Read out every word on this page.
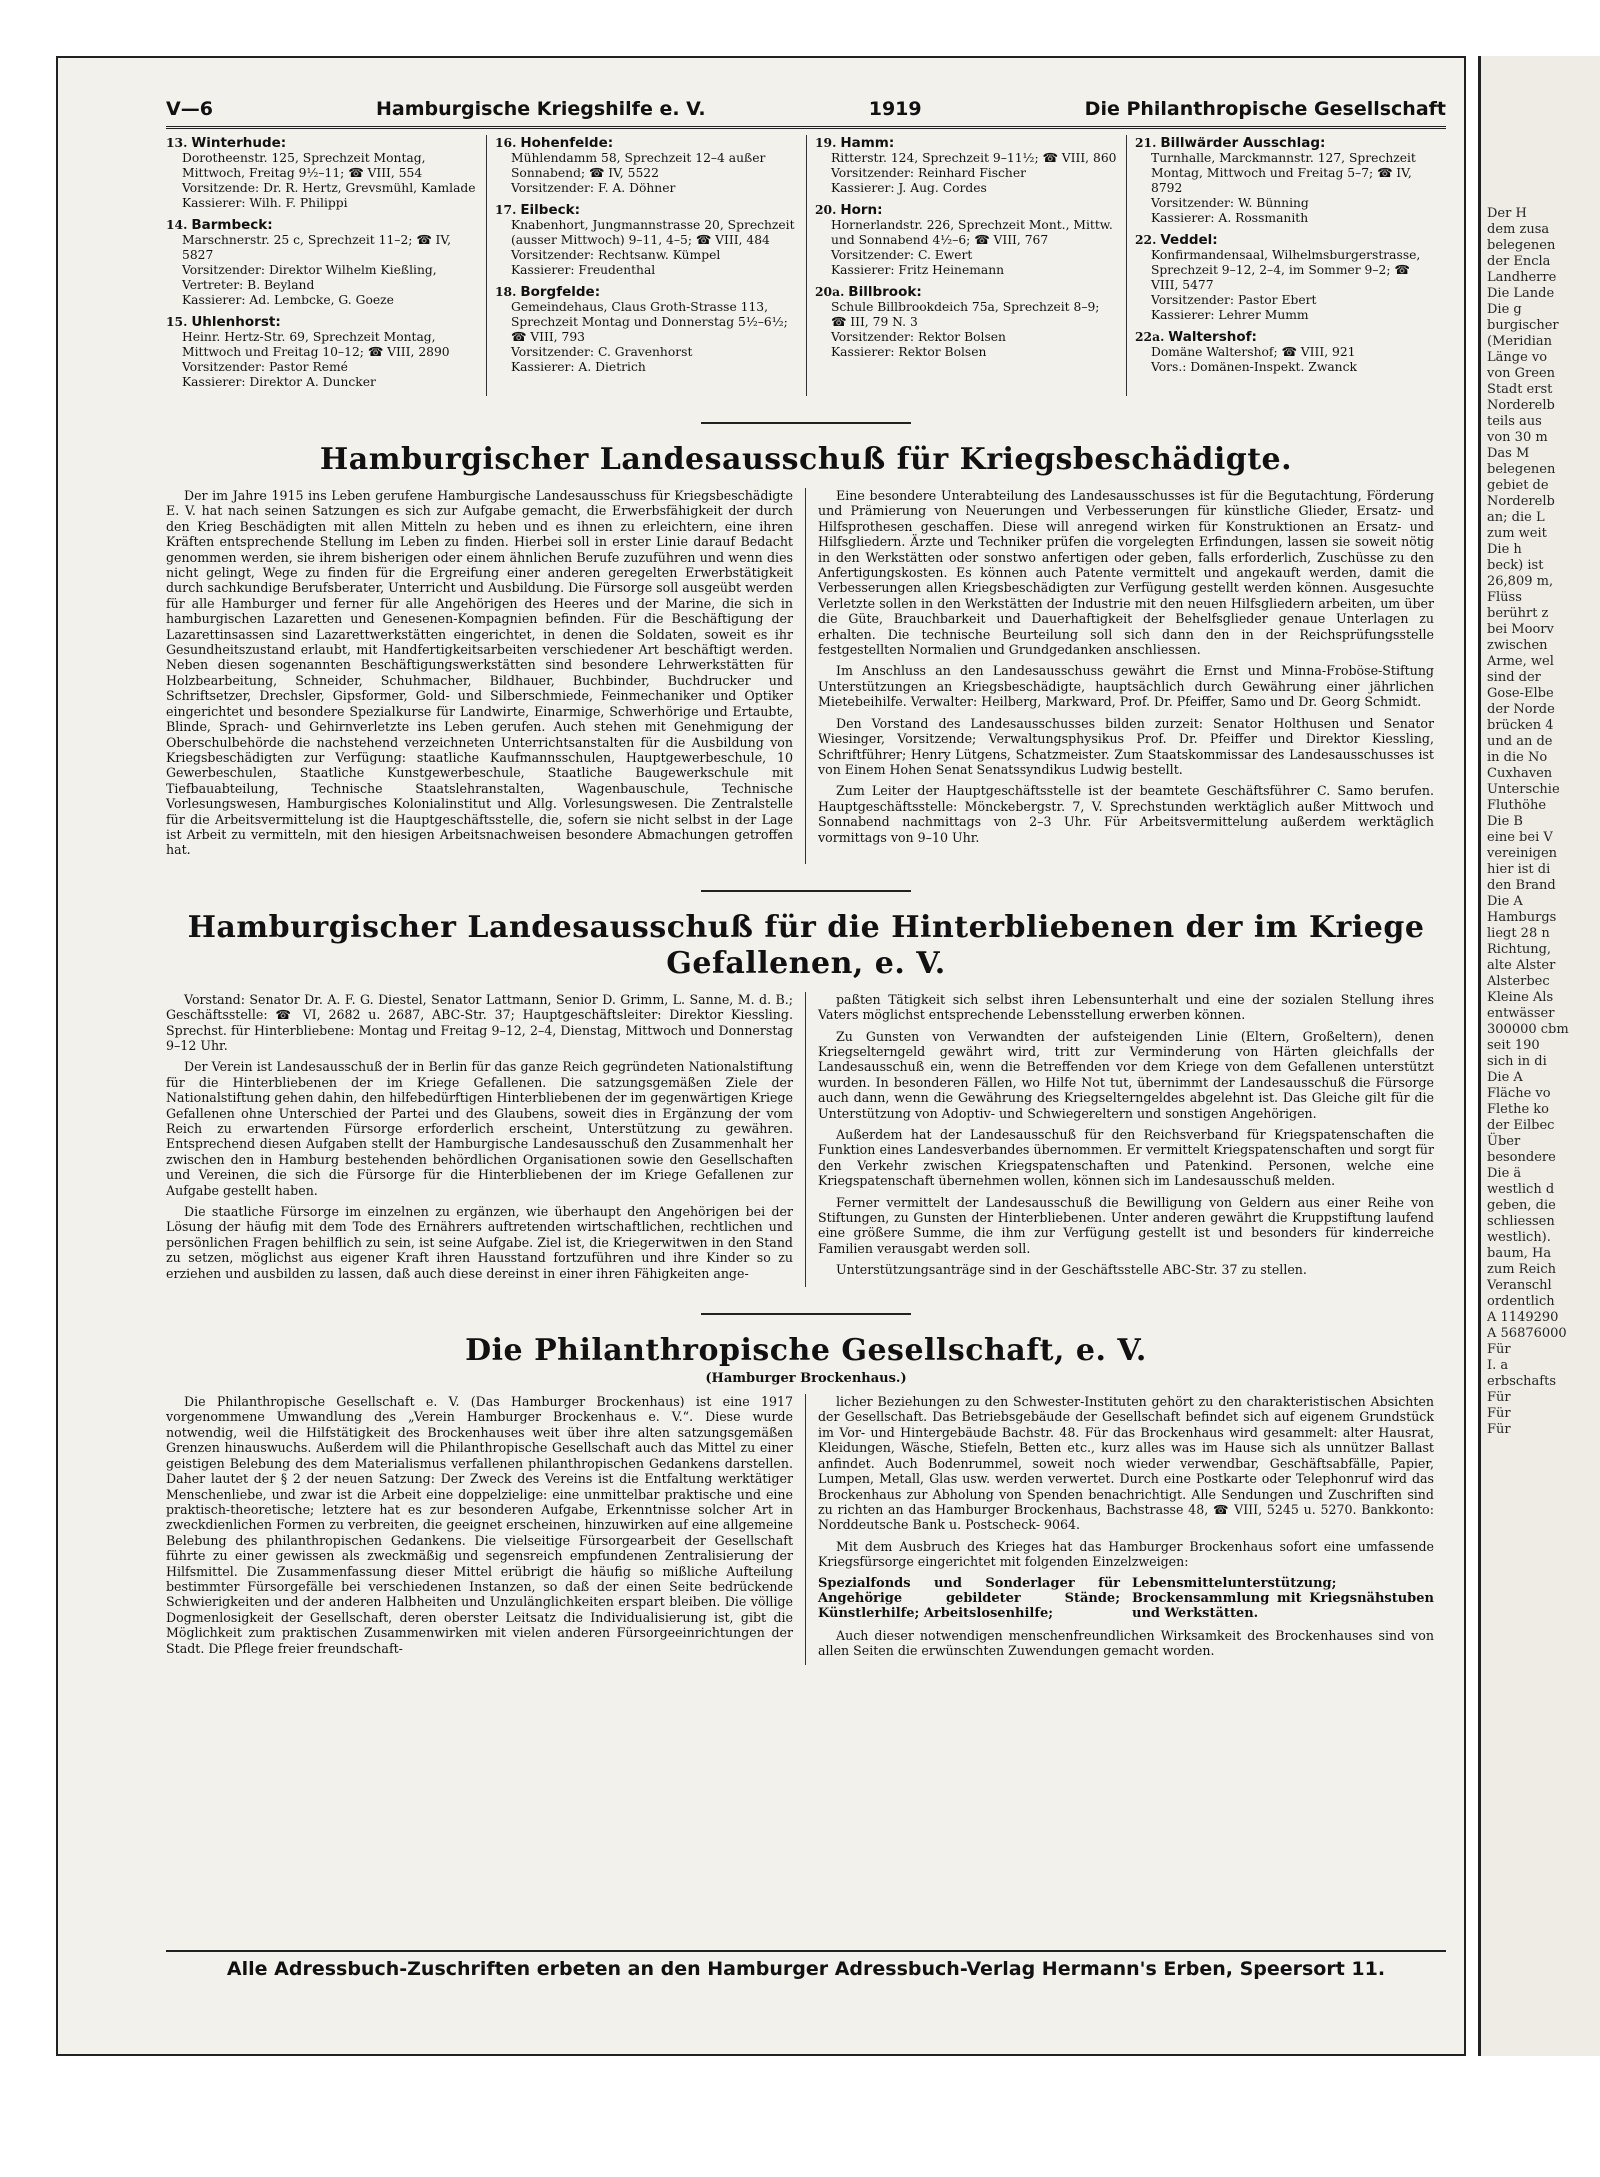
V—6	Hamburgische Kriegshilfe e. V.	1919	Die Philanthropische Gesellschaft
13. Winterhude:
Dorotheenstr. 125, Sprechzeit Montag, Mittwoch, Freitag 9½–11; ☎ VIII, 554
Vorsitzende: Dr. R. Hertz, Grevsmühl, Kamlade
Kassierer: Wilh. F. Philippi
14. Barmbeck:
Marschnerstr. 25 c, Sprechzeit 11–2; ☎ IV, 5827
Vorsitzender: Direktor Wilhelm Kießling, Vertreter: B. Beyland
Kassierer: Ad. Lembcke, G. Goeze
15. Uhlenhorst:
Heinr. Hertz-Str. 69, Sprechzeit Montag, Mittwoch und Freitag 10–12; ☎ VIII, 2890
Vorsitzender: Pastor Remé
Kassierer: Direktor A. Duncker
16. Hohenfelde:
Mühlendamm 58, Sprechzeit 12–4 außer Sonnabend; ☎ IV, 5522
Vorsitzender: F. A. Döhner
17. Eilbeck:
Knabenhort, Jungmannstrasse 20, Sprechzeit (ausser Mittwoch) 9–11, 4–5; ☎ VIII, 484
Vorsitzender: Rechtsanw. Kümpel
Kassierer: Freudenthal
18. Borgfelde:
Gemeindehaus, Claus Groth-Strasse 113, Sprechzeit Montag und Donnerstag 5½–6½; ☎ VIII, 793
Vorsitzender: C. Gravenhorst
Kassierer: A. Dietrich
19. Hamm:
Ritterstr. 124, Sprechzeit 9–11½; ☎ VIII, 860
Vorsitzender: Reinhard Fischer
Kassierer: J. Aug. Cordes
20. Horn:
Hornerlandstr. 226, Sprechzeit Mont., Mittw. und Sonnabend 4½–6; ☎ VIII, 767
Vorsitzender: C. Ewert
Kassierer: Fritz Heinemann
20a. Billbrook:
Schule Billbrookdeich 75a, Sprechzeit 8–9; ☎ III, 79 N. 3
Vorsitzender: Rektor Bolsen
Kassierer: Rektor Bolsen
21. Billwärder Ausschlag:
Turnhalle, Marckmannstr. 127, Sprechzeit Montag, Mittwoch und Freitag 5–7; ☎ IV, 8792
Vorsitzender: W. Bünning
Kassierer: A. Rossmanith
22. Veddel:
Konfirmandensaal, Wilhelmsburgerstrasse, Sprechzeit 9–12, 2–4, im Sommer 9–2; ☎ VIII, 5477
Vorsitzender: Pastor Ebert
Kassierer: Lehrer Mumm
22a. Waltershof:
Domäne Waltershof; ☎ VIII, 921
Vors.: Domänen-Inspekt. Zwanck
Hamburgischer Landesausschuß für Kriegsbeschädigte.

Der im Jahre 1915 ins Leben gerufene Hamburgische Landesausschuss für Kriegsbeschädigte E. V. hat nach seinen Satzungen es sich zur Aufgabe gemacht, die Erwerbsfähigkeit der durch den Krieg Beschädigten mit allen Mitteln zu heben und es ihnen zu erleichtern, eine ihren Kräften entsprechende Stellung im Leben zu finden. Hierbei soll in erster Linie darauf Bedacht genommen werden, sie ihrem bisherigen oder einem ähnlichen Berufe zuzuführen und wenn dies nicht gelingt, Wege zu finden für die Ergreifung einer anderen geregelten Erwerbstätigkeit durch sachkundige Berufsberater, Unterricht und Ausbildung. Die Fürsorge soll ausgeübt werden für alle Hamburger und ferner für alle Angehörigen des Heeres und der Marine, die sich in hamburgischen Lazaretten und Genesenen-Kompagnien befinden. Für die Beschäftigung der Lazarettinsassen sind Lazarettwerkstätten eingerichtet, in denen die Soldaten, soweit es ihr Gesundheitszustand erlaubt, mit Handfertigkeitsarbeiten verschiedener Art beschäftigt werden. Neben diesen sogenannten Beschäftigungswerkstätten sind besondere Lehrwerkstätten für Holzbearbeitung, Schneider, Schuhmacher, Bildhauer, Buchbinder, Buchdrucker und Schriftsetzer, Drechsler, Gipsformer, Gold- und Silberschmiede, Feinmechaniker und Optiker eingerichtet und besondere Spezialkurse für Landwirte, Einarmige, Schwerhörige und Ertaubte, Blinde, Sprach- und Gehirnverletzte ins Leben gerufen. Auch stehen mit Genehmigung der Oberschulbehörde die nachstehend verzeichneten Unterrichtsanstalten für die Ausbildung von Kriegsbeschädigten zur Verfügung: staatliche Kaufmannsschulen, Hauptgewerbeschule, 10 Gewerbeschulen, Staatliche Kunstgewerbeschule, Staatliche Baugewerkschule mit Tiefbauabteilung, Technische Staatslehranstalten, Wagenbauschule, Technische Vorlesungswesen, Hamburgisches Kolonialinstitut und Allg. Vorlesungswesen. Die Zentralstelle für die Arbeitsvermittelung ist die Hauptgeschäftsstelle, die, sofern sie nicht selbst in der Lage ist Arbeit zu vermitteln, mit den hiesigen Arbeitsnachweisen besondere Abmachungen getroffen hat.

Eine besondere Unterabteilung des Landesausschusses ist für die Begutachtung, Förderung und Prämierung von Neuerungen und Verbesserungen für künstliche Glieder, Ersatz- und Hilfsprothesen geschaffen. Diese will anregend wirken für Konstruktionen an Ersatz- und Hilfsgliedern. Ärzte und Techniker prüfen die vorgelegten Erfindungen, lassen sie soweit nötig in den Werkstätten oder sonstwo anfertigen oder geben, falls erforderlich, Zuschüsse zu den Anfertigungskosten. Es können auch Patente vermittelt und angekauft werden, damit die Verbesserungen allen Kriegsbeschädigten zur Verfügung gestellt werden können. Ausgesuchte Verletzte sollen in den Werkstätten der Industrie mit den neuen Hilfsgliedern arbeiten, um über die Güte, Brauchbarkeit und Dauerhaftigkeit der Behelfsglieder genaue Unterlagen zu erhalten. Die technische Beurteilung soll sich dann den in der Reichsprüfungsstelle festgestellten Normalien und Grundgedanken anschliessen.

Im Anschluss an den Landesausschuss gewährt die Ernst und Minna-Froböse-Stiftung Unterstützungen an Kriegsbeschädigte, hauptsächlich durch Gewährung einer jährlichen Mietebeihilfe. Verwalter: Heilberg, Markward, Prof. Dr. Pfeiffer, Samo und Dr. Georg Schmidt.

Den Vorstand des Landesausschusses bilden zurzeit: Senator Holthusen und Senator Wiesinger, Vorsitzende; Verwaltungsphysikus Prof. Dr. Pfeiffer und Direktor Kiessling, Schriftführer; Henry Lütgens, Schatzmeister. Zum Staatskommissar des Landesausschusses ist von Einem Hohen Senat Senatssyndikus Ludwig bestellt.

Zum Leiter der Hauptgeschäftsstelle ist der beamtete Geschäftsführer C. Samo berufen. Hauptgeschäftsstelle: Mönckebergstr. 7, V. Sprechstunden werktäglich außer Mittwoch und Sonnabend nachmittags von 2–3 Uhr. Für Arbeitsvermittelung außerdem werktäglich vormittags von 9–10 Uhr.

Hamburgischer Landesausschuß für die Hinterbliebenen der im Kriege Gefallenen, e. V.

Vorstand: Senator Dr. A. F. G. Diestel, Senator Lattmann, Senior D. Grimm, L. Sanne, M. d. B.; Geschäftsstelle: ☎ VI, 2682 u. 2687, ABC-Str. 37; Hauptgeschäftsleiter: Direktor Kiessling. Sprechst. für Hinterbliebene: Montag und Freitag 9–12, 2–4, Dienstag, Mittwoch und Donnerstag 9–12 Uhr.

Der Verein ist Landesausschuß der in Berlin für das ganze Reich gegründeten Nationalstiftung für die Hinterbliebenen der im Kriege Gefallenen. Die satzungsgemäßen Ziele der Nationalstiftung gehen dahin, den hilfebedürftigen Hinterbliebenen der im gegenwärtigen Kriege Gefallenen ohne Unterschied der Partei und des Glaubens, soweit dies in Ergänzung der vom Reich zu erwartenden Fürsorge erforderlich erscheint, Unterstützung zu gewähren. Entsprechend diesen Aufgaben stellt der Hamburgische Landesausschuß den Zusammenhalt her zwischen den in Hamburg bestehenden behördlichen Organisationen sowie den Gesellschaften und Vereinen, die sich die Fürsorge für die Hinterbliebenen der im Kriege Gefallenen zur Aufgabe gestellt haben.

Die staatliche Fürsorge im einzelnen zu ergänzen, wie überhaupt den Angehörigen bei der Lösung der häufig mit dem Tode des Ernährers auftretenden wirtschaftlichen, rechtlichen und persönlichen Fragen behilflich zu sein, ist seine Aufgabe. Ziel ist, die Kriegerwitwen in den Stand zu setzen, möglichst aus eigener Kraft ihren Hausstand fortzuführen und ihre Kinder so zu erziehen und ausbilden zu lassen, daß auch diese dereinst in einer ihren Fähigkeiten ange-

paßten Tätigkeit sich selbst ihren Lebensunterhalt und eine der sozialen Stellung ihres Vaters möglichst entsprechende Lebensstellung erwerben können.

Zu Gunsten von Verwandten der aufsteigenden Linie (Eltern, Großeltern), denen Kriegselterngeld gewährt wird, tritt zur Verminderung von Härten gleichfalls der Landesausschuß ein, wenn die Betreffenden vor dem Kriege von dem Gefallenen unterstützt wurden. In besonderen Fällen, wo Hilfe Not tut, übernimmt der Landesausschuß die Fürsorge auch dann, wenn die Gewährung des Kriegselterngeldes abgelehnt ist. Das Gleiche gilt für die Unterstützung von Adoptiv- und Schwiegereltern und sonstigen Angehörigen.

Außerdem hat der Landesausschuß für den Reichsverband für Kriegspatenschaften die Funktion eines Landesverbandes übernommen. Er vermittelt Kriegspatenschaften und sorgt für den Verkehr zwischen Kriegspatenschaften und Patenkind. Personen, welche eine Kriegspatenschaft übernehmen wollen, können sich im Landesausschuß melden.

Ferner vermittelt der Landesausschuß die Bewilligung von Geldern aus einer Reihe von Stiftungen, zu Gunsten der Hinterbliebenen. Unter anderen gewährt die Kruppstiftung laufend eine größere Summe, die ihm zur Verfügung gestellt ist und besonders für kinderreiche Familien verausgabt werden soll.

Unterstützungsanträge sind in der Geschäftsstelle ABC-Str. 37 zu stellen.

Die Philanthropische Gesellschaft, e. V.
(Hamburger Brockenhaus.)

Die Philanthropische Gesellschaft e. V. (Das Hamburger Brockenhaus) ist eine 1917 vorgenommene Umwandlung des „Verein Hamburger Brockenhaus e. V.“. Diese wurde notwendig, weil die Hilfstätigkeit des Brockenhauses weit über ihre alten satzungsgemäßen Grenzen hinauswuchs. Außerdem will die Philanthropische Gesellschaft auch das Mittel zu einer geistigen Belebung des dem Materialismus verfallenen philanthropischen Gedankens darstellen. Daher lautet der § 2 der neuen Satzung: Der Zweck des Vereins ist die Entfaltung werktätiger Menschenliebe, und zwar ist die Arbeit eine doppelzielige: eine unmittelbar praktische und eine praktisch-theoretische; letztere hat es zur besonderen Aufgabe, Erkenntnisse solcher Art in zweckdienlichen Formen zu verbreiten, die geeignet erscheinen, hinzuwirken auf eine allgemeine Belebung des philanthropischen Gedankens. Die vielseitige Fürsorgearbeit der Gesellschaft führte zu einer gewissen als zweckmäßig und segensreich empfundenen Zentralisierung der Hilfsmittel. Die Zusammenfassung dieser Mittel erübrigt die häufig so mißliche Aufteilung bestimmter Fürsorgefälle bei verschiedenen Instanzen, so daß der einen Seite bedrückende Schwierigkeiten und der anderen Halbheiten und Unzulänglichkeiten erspart bleiben. Die völlige Dogmenlosigkeit der Gesellschaft, deren oberster Leitsatz die Individualisierung ist, gibt die Möglichkeit zum praktischen Zusammenwirken mit vielen anderen Fürsorgeeinrichtungen der Stadt. Die Pflege freier freundschaft-

licher Beziehungen zu den Schwester-Instituten gehört zu den charakteristischen Absichten der Gesellschaft. Das Betriebsgebäude der Gesellschaft befindet sich auf eigenem Grundstück im Vor- und Hintergebäude Bachstr. 48. Für das Brockenhaus wird gesammelt: alter Hausrat, Kleidungen, Wäsche, Stiefeln, Betten etc., kurz alles was im Hause sich als unnützer Ballast anfindet. Auch Bodenrummel, soweit noch wieder verwendbar, Geschäftsabfälle, Papier, Lumpen, Metall, Glas usw. werden verwertet. Durch eine Postkarte oder Telephonruf wird das Brockenhaus zur Abholung von Spenden benachrichtigt. Alle Sendungen und Zuschriften sind zu richten an das Hamburger Brockenhaus, Bachstrasse 48, ☎ VIII, 5245 u. 5270. Bankkonto: Norddeutsche Bank u. Postscheck- 9064.

Mit dem Ausbruch des Krieges hat das Hamburger Brockenhaus sofort eine umfassende Kriegsfürsorge eingerichtet mit folgenden Einzelzweigen:

Spezialfonds und Sonderlager für Angehörige gebildeter Stände; Künstlerhilfe; Arbeitslosenhilfe;
Lebensmittelunterstützung; Brockensammlung mit Kriegsnähstuben und Werkstätten.

Auch dieser notwendigen menschenfreundlichen Wirksamkeit des Brockenhauses sind von allen Seiten die erwünschten Zuwendungen gemacht worden.

Alle Adressbuch-Zuschriften erbeten an den Hamburger Adressbuch-Verlag Hermann's Erben, Speersort 11.
Der H
dem zusa
belegenen
der Encla
Landherre
Die Lande
Die g
burgischer
(Meridian
Länge vo
von Green
Stadt erst
Norderelb
teils aus
von 30 m
Das M
belegenen
gebiet de
Norderelb
an; die L
zum weit
Die h
beck) ist
26,809 m,
Flüss
berührt z
bei Moorv
zwischen
Arme, wel
sind der
Gose-Elbe
der Norde
brücken 4
und an de
in die No
Cuxhaven
Unterschie
Fluthöhe
Die B
eine bei V
vereinigen
hier ist di
den Brand
Die A
Hamburgs
liegt 28 n
Richtung,
alte Alster
Alsterbec
Kleine Als
entwässer
300000 cbm
seit 190
sich in di
Die A
Fläche vo
Flethe ko
der Eilbec
Über
besondere
Die ä
westlich d
geben, die
schliessen
westlich).
baum, Ha
zum Reich
Veranschl
ordentlich
A 1149290
A 56876000
Für
I. a
erbschafts
Für
Für
Für
